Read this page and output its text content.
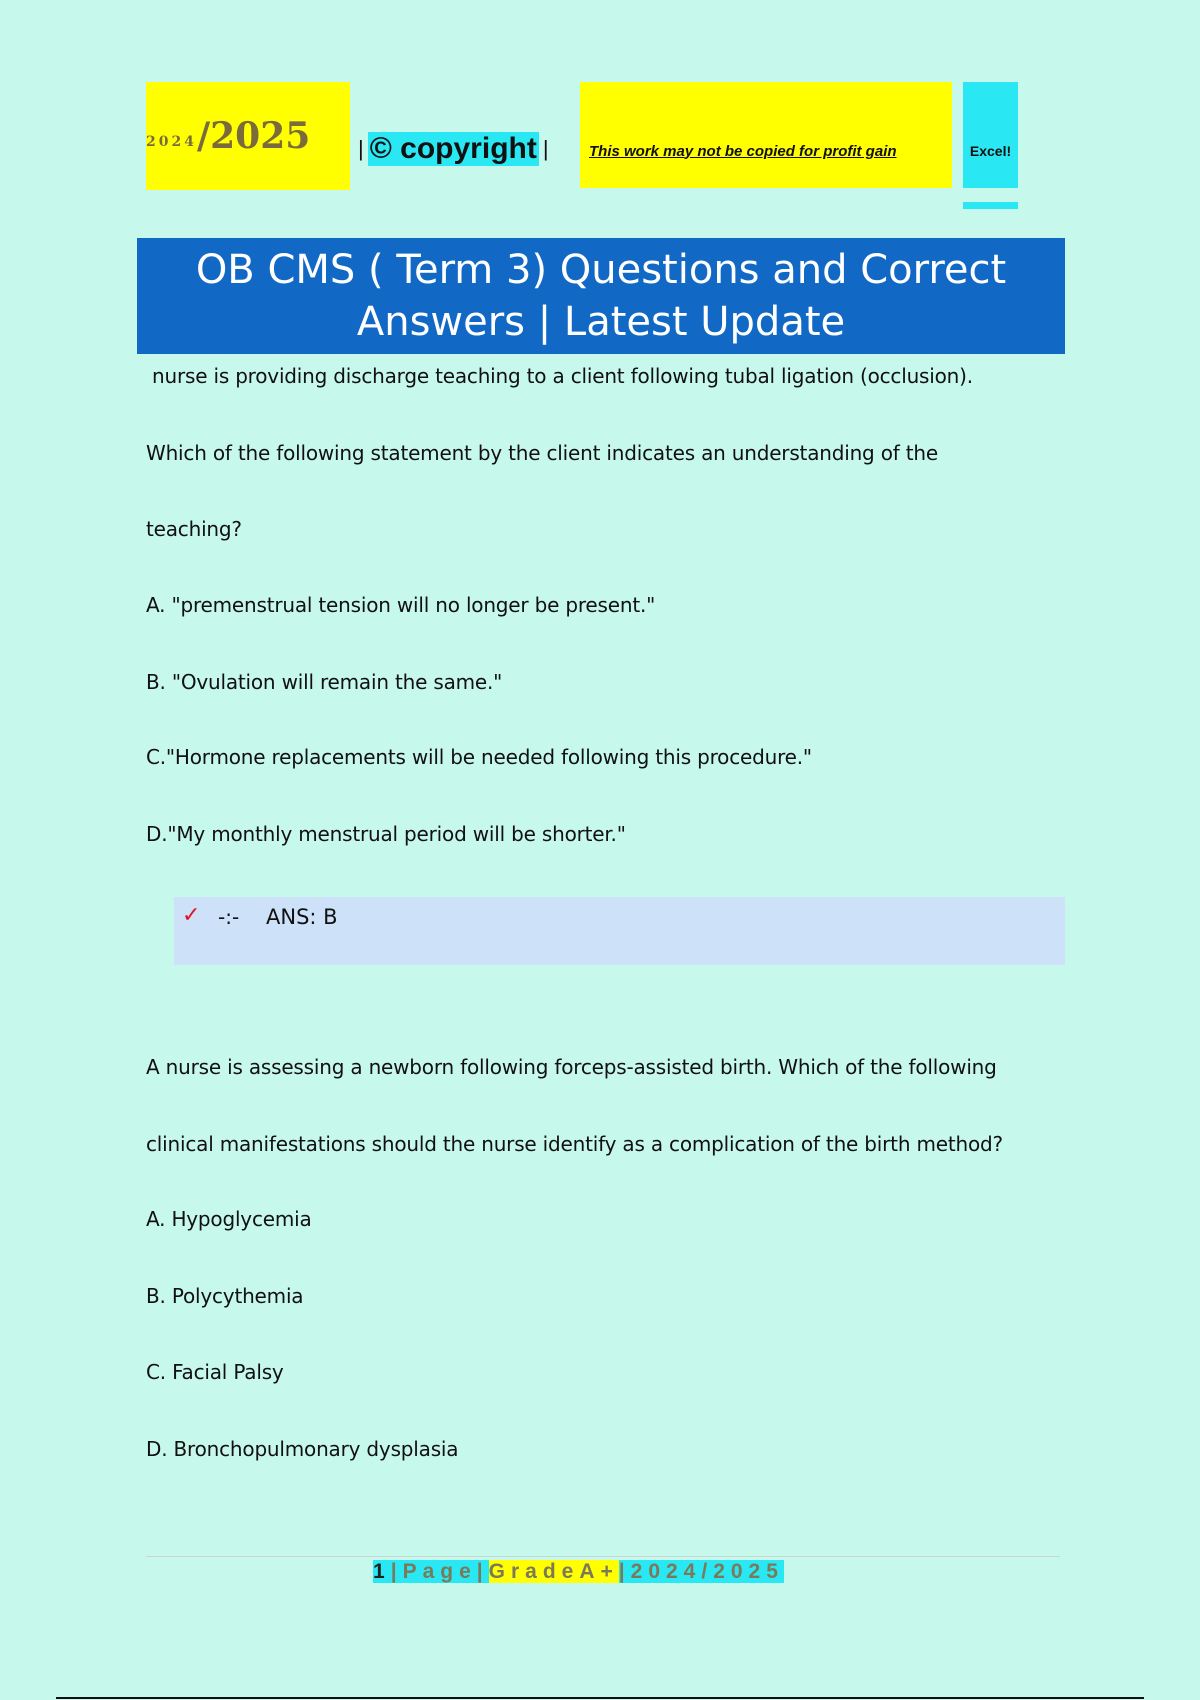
2024 /2025 | © copyright |	This work may not be copied for profit gain	Excel!
OB CMS ( Term 3) Questions and Correct Answers | Latest Update
nurse is providing discharge teaching to a client following tubal ligation (occlusion).
Which of the following statement by the client indicates an understanding of the
teaching?
A. "premenstrual tension will no longer be present."
B. "Ovulation will remain the same."
C."Hormone replacements will be needed following this procedure."
D."My monthly menstrual period will be shorter."
✓ -:- ANS: B
A nurse is assessing a newborn following forceps-assisted birth. Which of the following
clinical manifestations should the nurse identify as a complication of the birth method?
A. Hypoglycemia
B. Polycythemia
C. Facial Palsy
D. Bronchopulmonary dysplasia
1|Page|GradeA+|2024/2025
